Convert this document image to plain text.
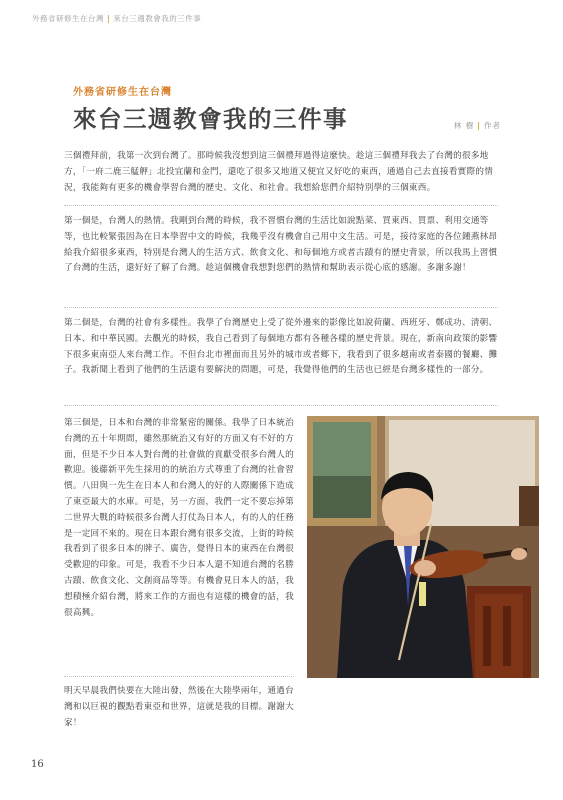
外務省研修生在台灣 | 來台三週教會我的三件事
外務省研修生在台灣
來台三週教會我的三件事	林 樹 | 作者

三個禮拜前，我第一次到台灣了。那時候我沒想到這三個禮拜過得這麼快。趁這三個禮拜我去了台灣的很多地方，「一府二鹿三艋舺」北投宜蘭和金門，還吃了很多又地道又便宜又好吃的東西，通過自己去直接看實際的情況，我能夠有更多的機會學習台灣的歷史、文化、和社會。我想給您們介紹特別學的三個東西。

第一個是，台灣人的熱情。我剛到台灣的時候，我不習慣台灣的生活比如說點菜、買東西、買票、利用交通等等，也比較緊張因為在日本學習中文的時候，我幾乎沒有機會自己用中文生活。可是，接待家庭的各位鍾燕林昂給我介紹很多東西，特別是台灣人的生活方式、飲食文化、和每個地方或者古蹟有的歷史背景，所以我馬上習慣了台灣的生活，還好好了解了台灣。趁這個機會我想對您們的熱情和幫助表示從心底的感謝。多謝多謝！

第二個是，台灣的社會有多樣性。我學了台灣歷史上受了從外邊來的影像比如說荷蘭、西班牙、鄭成功、清朝、日本、和中華民國。去觀光的時候，我自己看到了每個地方都有各種各樣的歷史背景。現在，新南向政策的影響下很多東南亞人來台灣工作。不但台北市裡面而且另外的城市或者鄉下，我看到了很多越南或者泰國的餐廳、攤子。我新聞上看到了他們的生活還有要解決的問題，可是，我覺得他們的生活也已經是台灣多樣性的一部分。

第三個是，日本和台灣的非常緊密的關係。我學了日本統治台灣的五十年期間，雖然那統治又有好的方面又有不好的方面，但是不少日本人對台灣的社會做的貢獻受很多台灣人的歡迎。後藤新平先生採用的的統治方式尊重了台灣的社會習慣。八田與一先生在日本人和台灣人的好的人際關係下造成了東亞最大的水庫。可是，另一方面，我們一定不要忘掉第二世界大戰的時候很多台灣人打仗為日本人，有的人的任務是一定回不來的。現在日本跟台灣有很多交流，上街的時候我看到了很多日本的牌子、廣告，覺得日本的東西在台灣很受歡迎的印象。可是，我看不少日本人還不知道台灣的名勝古蹟、飲食文化、文創商品等等。有機會見日本人的話，我想積極介紹台灣，將來工作的方面也有這樣的機會的話，我很高興。

明天早晨我們快要在大陸出發，然後在大陸學兩年，通過台灣和以巨視的觀點看東亞和世界，這就是我的目標。謝謝大家！

16
